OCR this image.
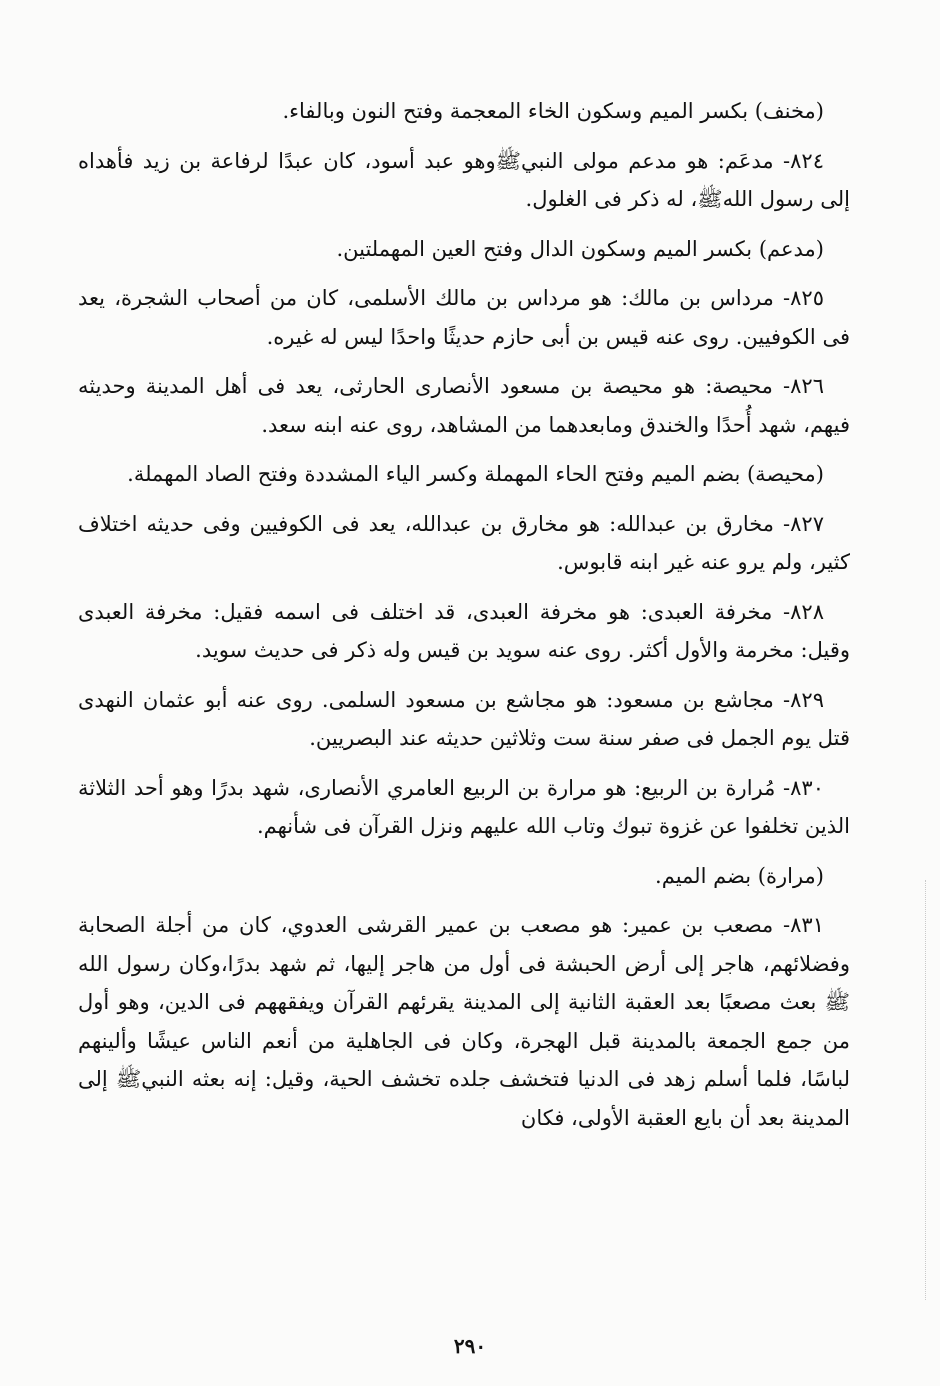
(مخنف) بكسر الميم وسكون الخاء المعجمة وفتح النون وبالفاء.

٨٢٤- مدعَم: هو مدعم مولى النبيﷺوهو عبد أسود، كان عبدًا لرفاعة بن زيد فأهداه إلى رسول اللهﷺ، له ذكر فى الغلول.

(مدعم) بكسر الميم وسكون الدال وفتح العين المهملتين.

٨٢٥- مرداس بن مالك: هو مرداس بن مالك الأسلمى، كان من أصحاب الشجرة، يعد فى الكوفيين. روى عنه قيس بن أبى حازم حديثًا واحدًا ليس له غيره.

٨٢٦- محيصة: هو محيصة بن مسعود الأنصارى الحارثى، يعد فى أهل المدينة وحديثه فيهم، شهد أُحدًا والخندق ومابعدهما من المشاهد، روى عنه ابنه سعد.

(محيصة) بضم الميم وفتح الحاء المهملة وكسر الياء المشددة وفتح الصاد المهملة.

٨٢٧- مخارق بن عبدالله: هو مخارق بن عبدالله، يعد فى الكوفيين وفى حديثه اختلاف كثير، ولم يرو عنه غير ابنه قابوس.

٨٢٨- مخرفة العبدى: هو مخرفة العبدى، قد اختلف فى اسمه فقيل: مخرفة العبدى وقيل: مخرمة والأول أكثر. روى عنه سويد بن قيس وله ذكر فى حديث سويد.

٨٢٩- مجاشع بن مسعود: هو مجاشع بن مسعود السلمى. روى عنه أبو عثمان النهدى قتل يوم الجمل فى صفر سنة ست وثلاثين حديثه عند البصريين.

٨٣٠- مُرارة بن الربيع: هو مرارة بن الربيع العامري الأنصارى، شهد بدرًا وهو أحد الثلاثة الذين تخلفوا عن غزوة تبوك وتاب الله عليهم ونزل القرآن فى شأنهم.

(مرارة) بضم الميم.

٨٣١- مصعب بن عمير: هو مصعب بن عمير القرشى العدوي، كان من أجلة الصحابة وفضلائهم، هاجر إلى أرض الحبشة فى أول من هاجر إليها، ثم شهد بدرًا،وكان رسول الله ﷺ بعث مصعبًا بعد العقبة الثانية إلى المدينة يقرئهم القرآن ويفقههم فى الدين، وهو أول من جمع الجمعة بالمدينة قبل الهجرة، وكان فى الجاهلية من أنعم الناس عيشًا وألينهم لباسًا، فلما أسلم زهد فى الدنيا فتخشف جلده تخشف الحية، وقيل: إنه بعثه النبيﷺ إلى المدينة بعد أن بايع العقبة الأولى، فكان

٢٩٠
